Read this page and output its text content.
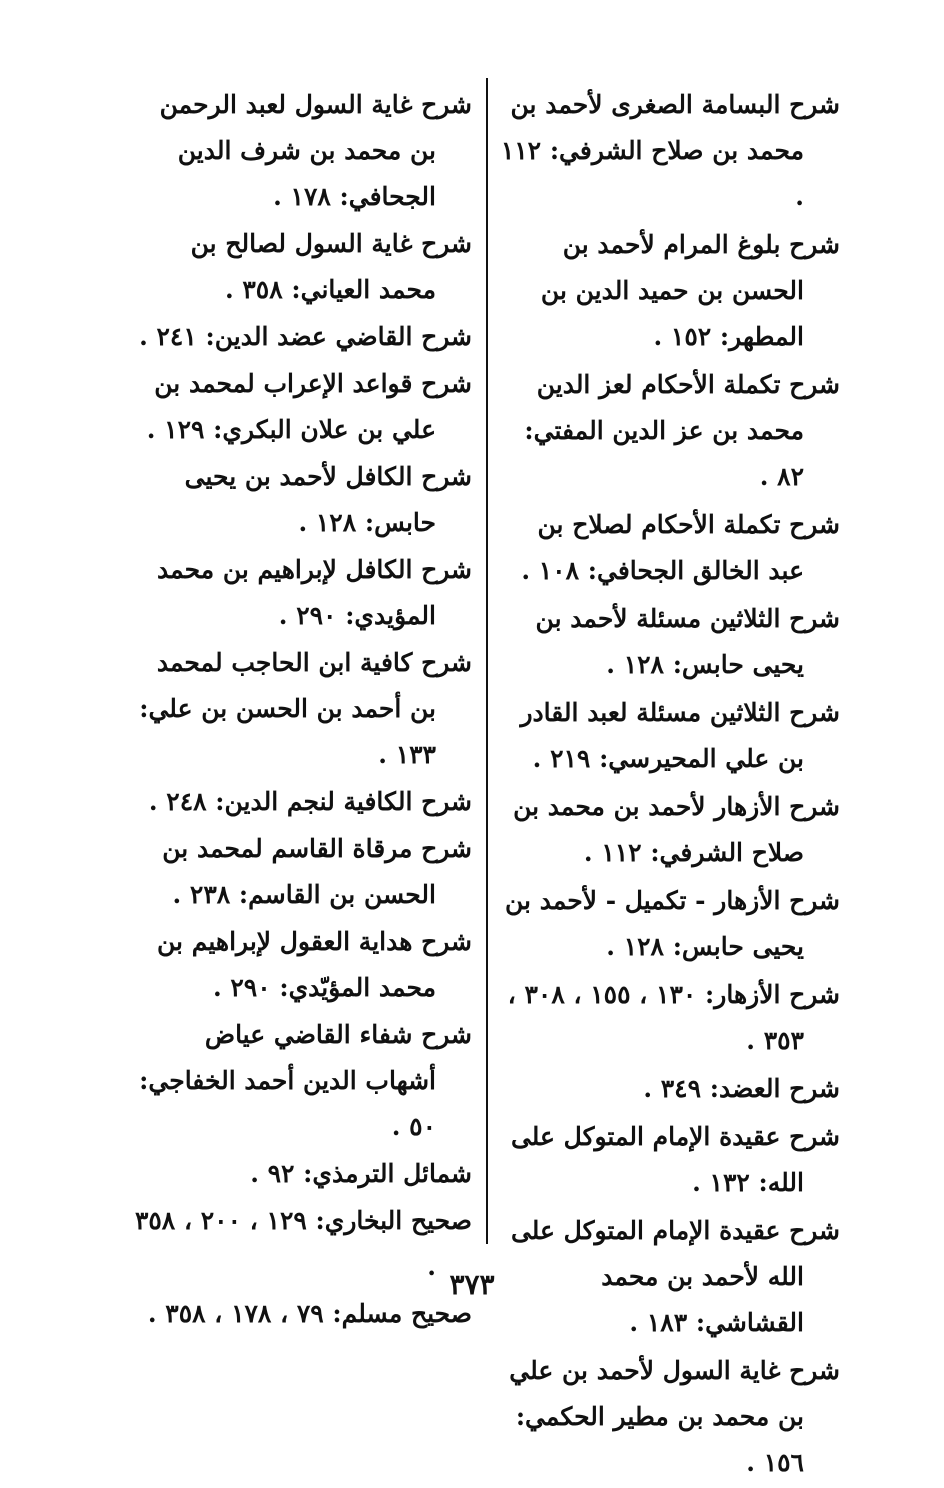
شرح البسامة الصغرى لأحمد بن محمد بن صلاح الشرفي: ١١٢ .
شرح بلوغ المرام لأحمد بن الحسن بن حميد الدين بن المطهر: ١٥٢ .
شرح تكملة الأحكام لعز الدين محمد بن عز الدين المفتي: ٨٢ .
شرح تكملة الأحكام لصلاح بن عبد الخالق الجحافي: ١٠٨ .
شرح الثلاثين مسئلة لأحمد بن يحيى حابس: ١٢٨ .
شرح الثلاثين مسئلة لعبد القادر بن علي المحيرسي: ٢١٩ .
شرح الأزهار لأحمد بن محمد بن صلاح الشرفي: ١١٢ .
شرح الأزهار - تكميل - لأحمد بن يحيى حابس: ١٢٨ .
شرح الأزهار: ١٣٠ ، ١٥٥ ، ٣٠٨ ، ٣٥٣ .
شرح العضد: ٣٤٩ .
شرح عقيدة الإمام المتوكل على الله: ١٣٢ .
شرح عقيدة الإمام المتوكل على الله لأحمد بن محمد القشاشي: ١٨٣ .
شرح غاية السول لأحمد بن علي بن محمد بن مطير الحكمي: ١٥٦ .
شرح غاية السول لعبد الرحمن بن محمد بن شرف الدين الجحافي: ١٧٨ .
شرح غاية السول لصالح بن محمد العياني: ٣٥٨ .
شرح القاضي عضد الدين: ٢٤١ .
شرح قواعد الإعراب لمحمد بن علي بن علان البكري: ١٢٩ .
شرح الكافل لأحمد بن يحيى حابس: ١٢٨ .
شرح الكافل لإبراهيم بن محمد المؤيدي: ٢٩٠ .
شرح كافية ابن الحاجب لمحمد بن أحمد بن الحسن بن علي: ١٣٣ .
شرح الكافية لنجم الدين: ٢٤٨ .
شرح مرقاة القاسم لمحمد بن الحسن بن القاسم: ٢٣٨ .
شرح هداية العقول لإبراهيم بن محمد المؤيّدي: ٢٩٠ .
شرح شفاء القاضي عياض أشهاب الدين أحمد الخفاجي: ٥٠ .
شمائل الترمذي: ٩٢ .
صحيح البخاري: ١٢٩ ، ٢٠٠ ، ٣٥٨ .
صحيح مسلم: ٧٩ ، ١٧٨ ، ٣٥٨ .
٣٧٣
